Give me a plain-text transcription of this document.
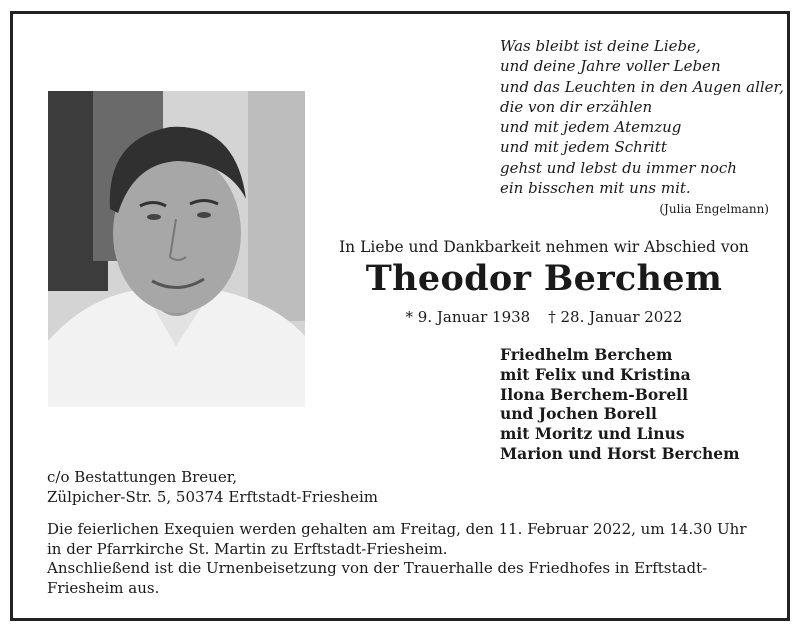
Was bleibt ist deine Liebe,
und deine Jahre voller Leben
und das Leuchten in den Augen aller,
die von dir erzählen
und mit jedem Atemzug
und mit jedem Schritt
gehst und lebst du immer noch
ein bisschen mit uns mit.
(Julia Engelmann)
In Liebe und Dankbarkeit nehmen wir Abschied von
Theodor Berchem
* 9. Januar 1938 † 28. Januar 2022
Friedhelm Berchem
mit Felix und Kristina
Ilona Berchem-Borell
und Jochen Borell
mit Moritz und Linus
Marion und Horst Berchem
c/o Bestattungen Breuer,
Zülpicher-Str. 5, 50374 Erftstadt-Friesheim
Die feierlichen Exequien werden gehalten am Freitag, den 11. Februar 2022, um 14.30 Uhr
in der Pfarrkirche St. Martin zu Erftstadt-Friesheim.
Anschließend ist die Urnenbeisetzung von der Trauerhalle des Friedhofes in Erftstadt-
Friesheim aus.
